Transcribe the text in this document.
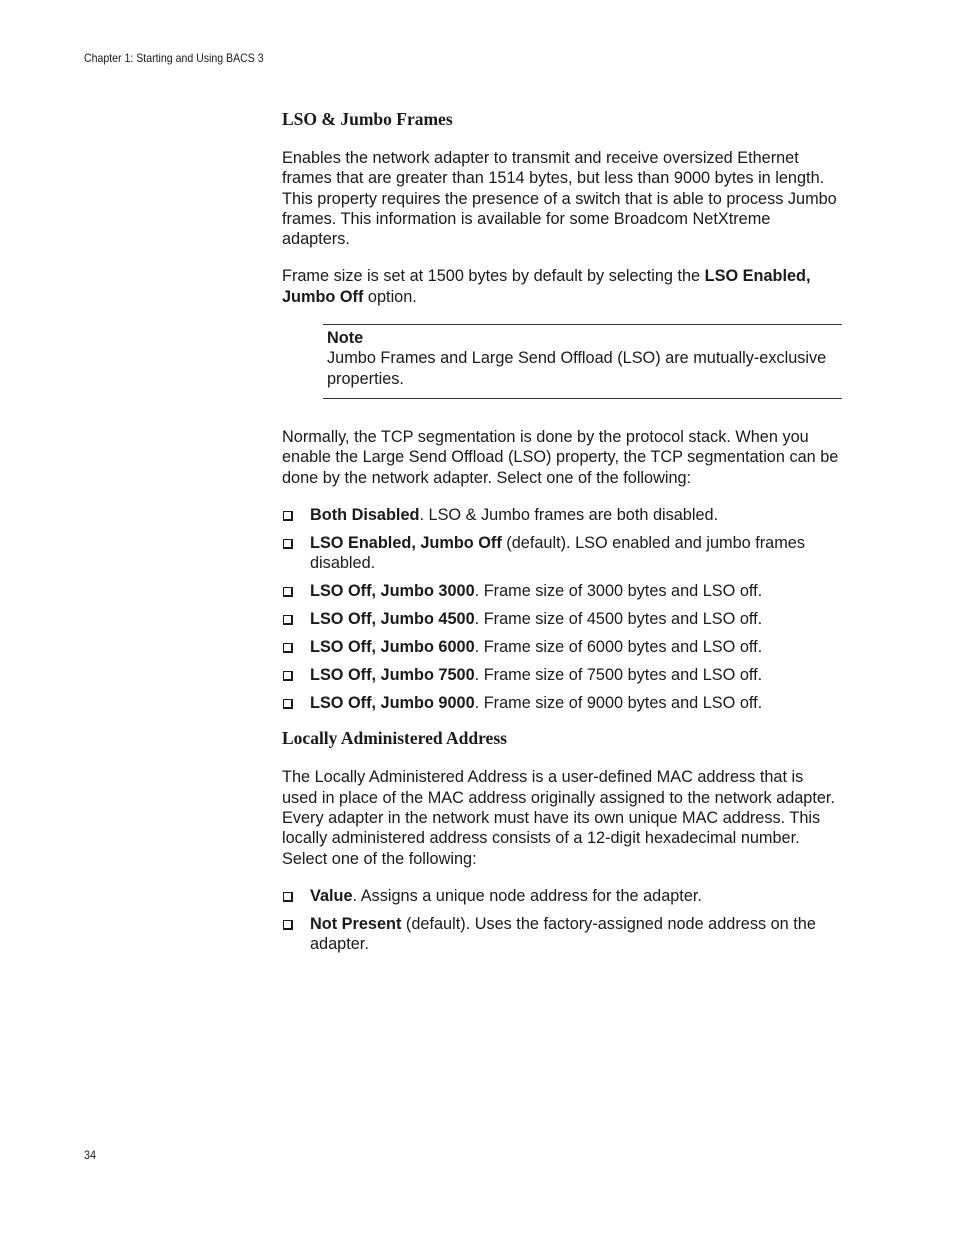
Chapter 1: Starting and Using BACS 3
LSO & Jumbo Frames

Enables the network adapter to transmit and receive oversized Ethernet frames that are greater than 1514 bytes, but less than 9000 bytes in length. This property requires the presence of a switch that is able to process Jumbo frames. This information is available for some Broadcom NetXtreme adapters.

Frame size is set at 1500 bytes by default by selecting the LSO Enabled, Jumbo Off option.

Note
Jumbo Frames and Large Send Offload (LSO) are mutually-exclusive properties.

Normally, the TCP segmentation is done by the protocol stack. When you enable the Large Send Offload (LSO) property, the TCP segmentation can be done by the network adapter. Select one of the following:

Both Disabled. LSO & Jumbo frames are both disabled.
LSO Enabled, Jumbo Off (default). LSO enabled and jumbo frames disabled.
LSO Off, Jumbo 3000. Frame size of 3000 bytes and LSO off.
LSO Off, Jumbo 4500. Frame size of 4500 bytes and LSO off.
LSO Off, Jumbo 6000. Frame size of 6000 bytes and LSO off.
LSO Off, Jumbo 7500. Frame size of 7500 bytes and LSO off.
LSO Off, Jumbo 9000. Frame size of 9000 bytes and LSO off.
Locally Administered Address

The Locally Administered Address is a user-defined MAC address that is used in place of the MAC address originally assigned to the network adapter. Every adapter in the network must have its own unique MAC address. This locally administered address consists of a 12-digit hexadecimal number. Select one of the following:

Value. Assigns a unique node address for the adapter.
Not Present (default). Uses the factory-assigned node address on the adapter.
34
